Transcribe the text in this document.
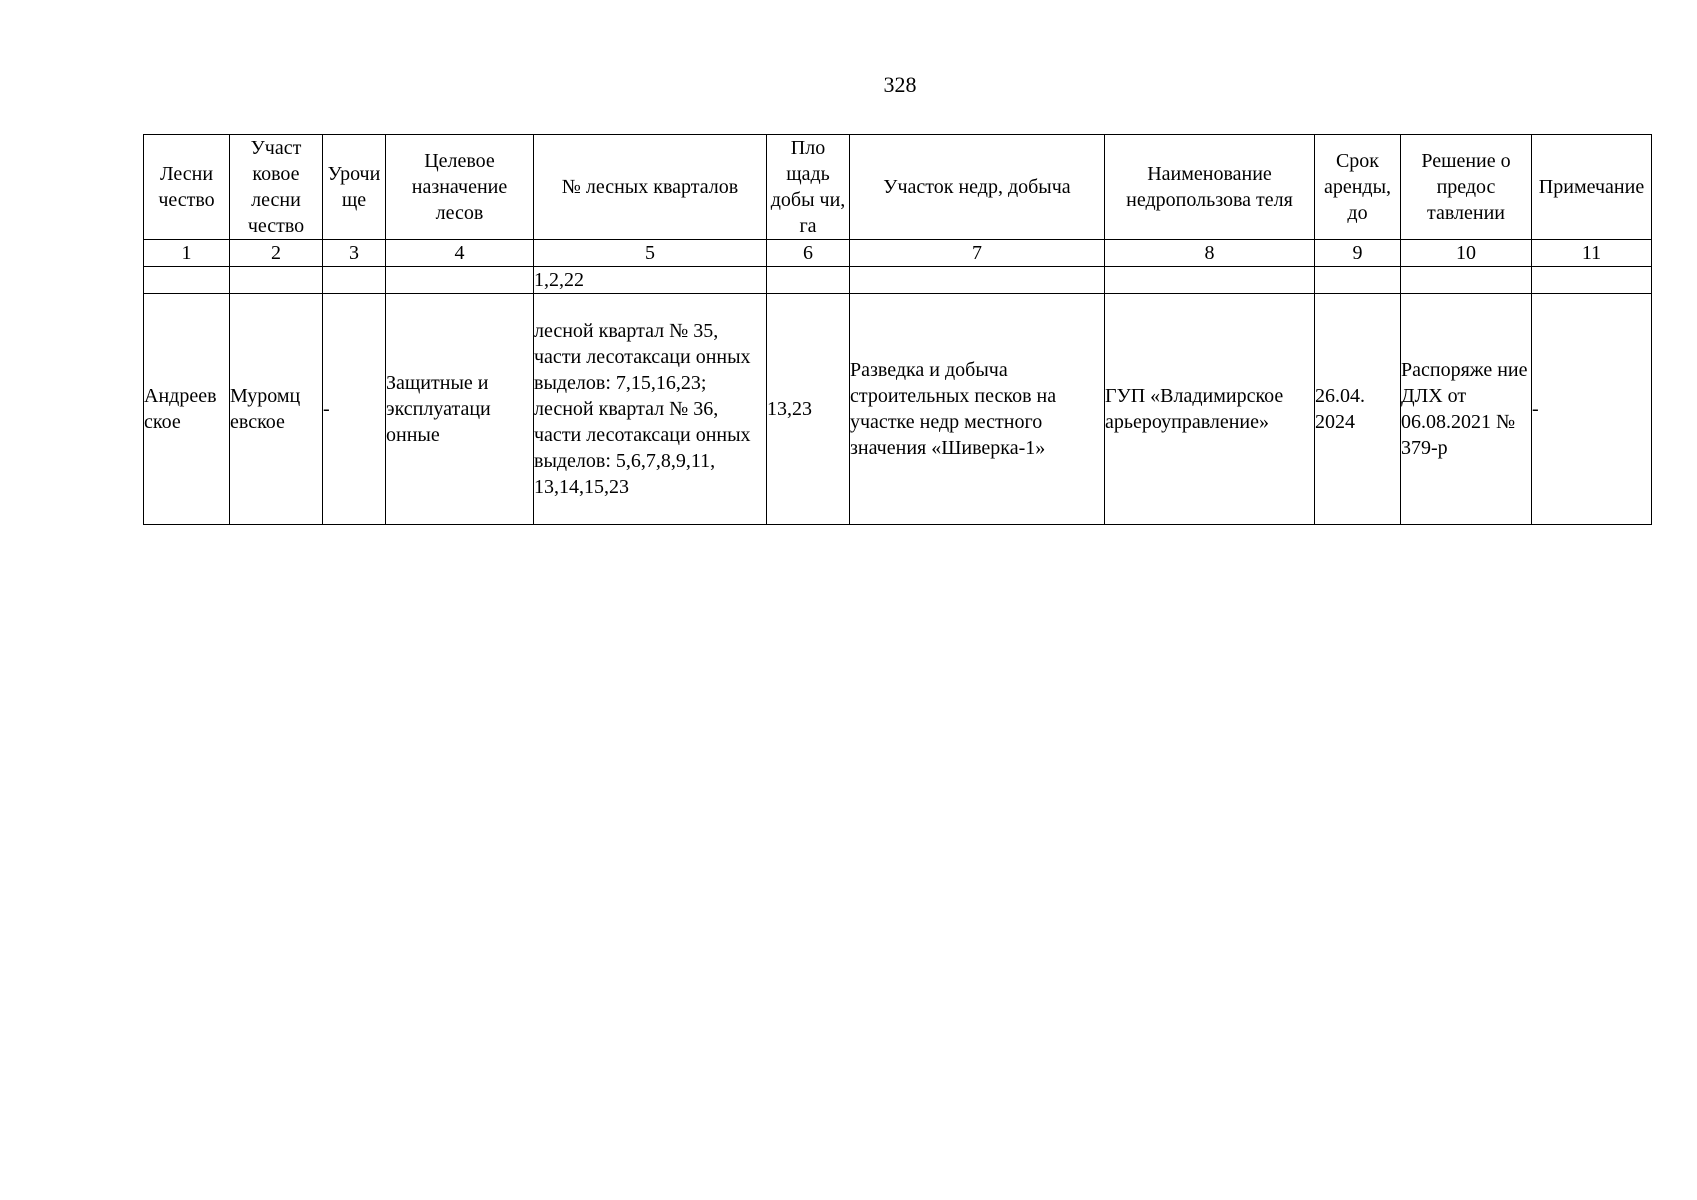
328
Лесни чество	Участ ковое лесни чество	Урочи ще	Целевое назначение лесов	№ лесных кварталов	Пло щадь добы чи, га	Участок недр, добыча	Наименование недропользова теля	Срок аренды, до	Решение о предос тавлении	Примечание
1	2	3	4	5	6	7	8	9	10	11
				1,2,22						
Андреев ское	Муромц евское	-	Защитные и эксплуатаци онные	лесной квартал № 35, части лесотаксаци онных выделов: 7,15,16,23; лесной квартал № 36, части лесотаксаци онных выделов: 5,6,7,8,9,11, 13,14,15,23	13,23	Разведка и добыча строительных песков на участке недр местного значения «Шиверка-1»	ГУП «Владимирское арьероуправление»	26.04. 2024	Распоряже ние ДЛХ от 06.08.2021 № 379-р	-
